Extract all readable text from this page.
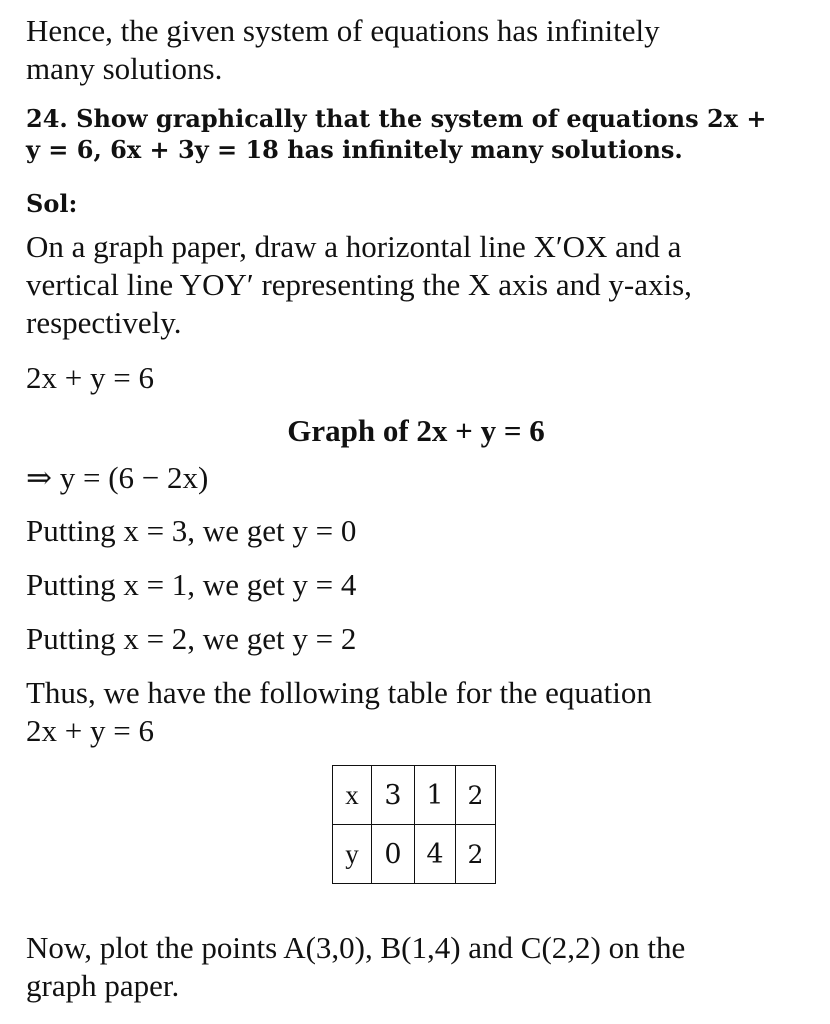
Hence, the given system of equations has infinitely
many solutions.

24. Show graphically that the system of equations 2x +
y = 6, 6x + 3y = 18 has infinitely many solutions.

Sol:

On a graph paper, draw a horizontal line X′OX and a
vertical line YOY′ representing the X axis and y-axis,
respectively.

2x + y = 6

Graph of 2x + y = 6

⇒ y = (6 − 2x)

Putting x = 3, we get y = 0

Putting x = 1, we get y = 4

Putting x = 2, we get y = 2

Thus, we have the following table for the equation
2x + y = 6

x	3	1	2
y	0	4	2

Now, plot the points A(3,0), B(1,4) and C(2,2) on the
graph paper.
